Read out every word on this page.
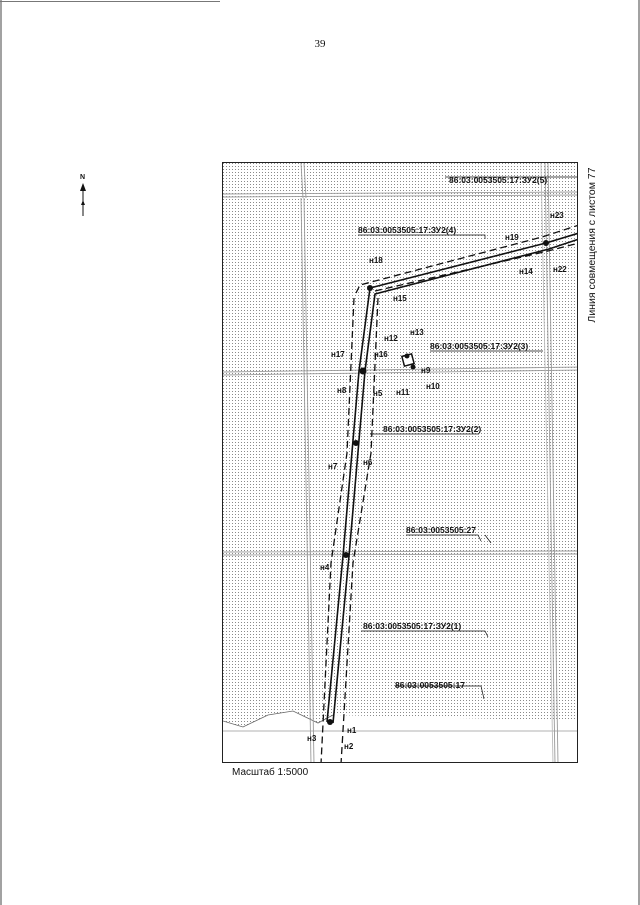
39
N	86:03:0053505:17:ЗУ2(5)
86:03:0053505:17:ЗУ2(4)
86:03:0053505:17:ЗУ2(3)
86:03:0053505:17:ЗУ2(2)
86:03:0053505:27
86:03:0053505:17:ЗУ2(1)
86:03:0053505:17
н1
н2
н3
н4
н5
н6
н7
н8
н9
н10
н11
н12
н13
н14
н15
н16
н17
н18
н19
н22
н23 Линия совмещения с листом 77
Масштаб 1:5000
